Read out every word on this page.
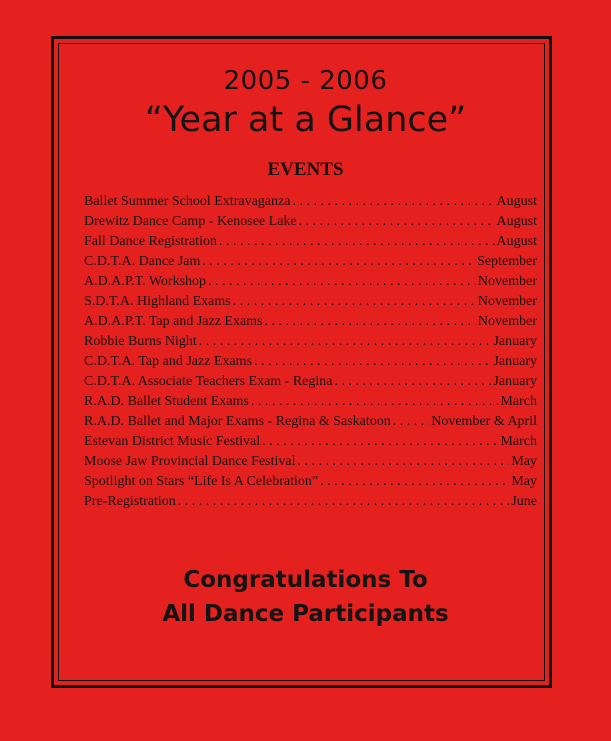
2005 - 2006
“Year at a Glance”
EVENTS
Ballet Summer School Extravaganza . . .	August
Drewitz Dance Camp - Kenosee Lake . . .	August
Fall Dance Registration . . .	August
C.D.T.A. Dance Jam . . .	September
A.D.A.P.T. Workshop . . .	November
S.D.T.A. Highland Exams . . .	November
A.D.A.P.T. Tap and Jazz Exams . . .	November
Robbie Burns Night . . .	January
C.D.T.A. Tap and Jazz Exams . . .	January
C.D.T.A. Associate Teachers Exam - Regina . . .	January
R.A.D. Ballet Student Exams . . .	March
R.A.D. Ballet and Major Exams - Regina & Saskatoon . . .	November & April
Estevan District Music Festival . . .	March
Moose Jaw Provincial Dance Festival . . .	May
Spotlight on Stars “Life Is A Celebration” . . .	May
Pre-Registration . . .	June
Congratulations To
All Dance Participants
